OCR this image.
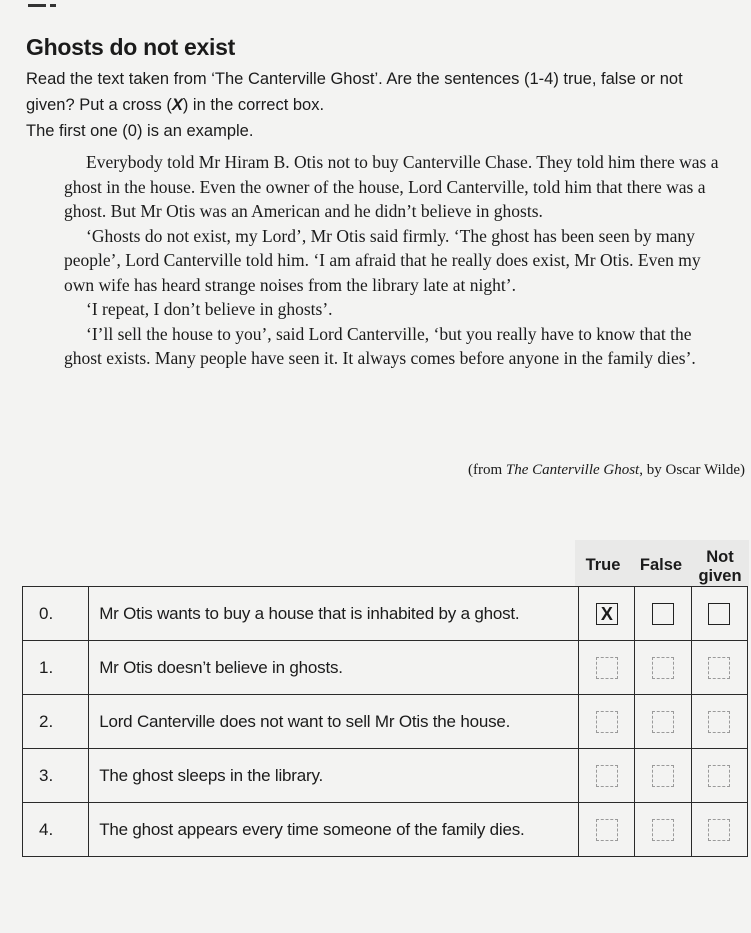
Ghosts do not exist
Read the text taken from ‘The Canterville Ghost’. Are the sentences (1-4) true, false or not given? Put a cross (X) in the correct box.
The first one (0) is an example.

Everybody told Mr Hiram B. Otis not to buy Canterville Chase. They told him there was a ghost in the house. Even the owner of the house, Lord Canterville, told him that there was a ghost. But Mr Otis was an American and he didn’t believe in ghosts.

‘Ghosts do not exist, my Lord’, Mr Otis said firmly. ‘The ghost has been seen by many people’, Lord Canterville told him. ‘I am afraid that he really does exist, Mr Otis. Even my own wife has heard strange noises from the library late at night’.

‘I repeat, I don’t believe in ghosts’.

‘I’ll sell the house to you’, said Lord Canterville, ‘but you really have to know that the ghost exists. Many people have seen it. It always comes before anyone in the family dies’.

(from The Canterville Ghost, by Oscar Wilde)
True	False	Not
given
0.	Mr Otis wants to buy a house that is inhabited by a ghost.	X		
1.	Mr Otis doesn’t believe in ghosts.			
2.	Lord Canterville does not want to sell Mr Otis the house.			
3.	The ghost sleeps in the library.			
4.	The ghost appears every time someone of the family dies.			
